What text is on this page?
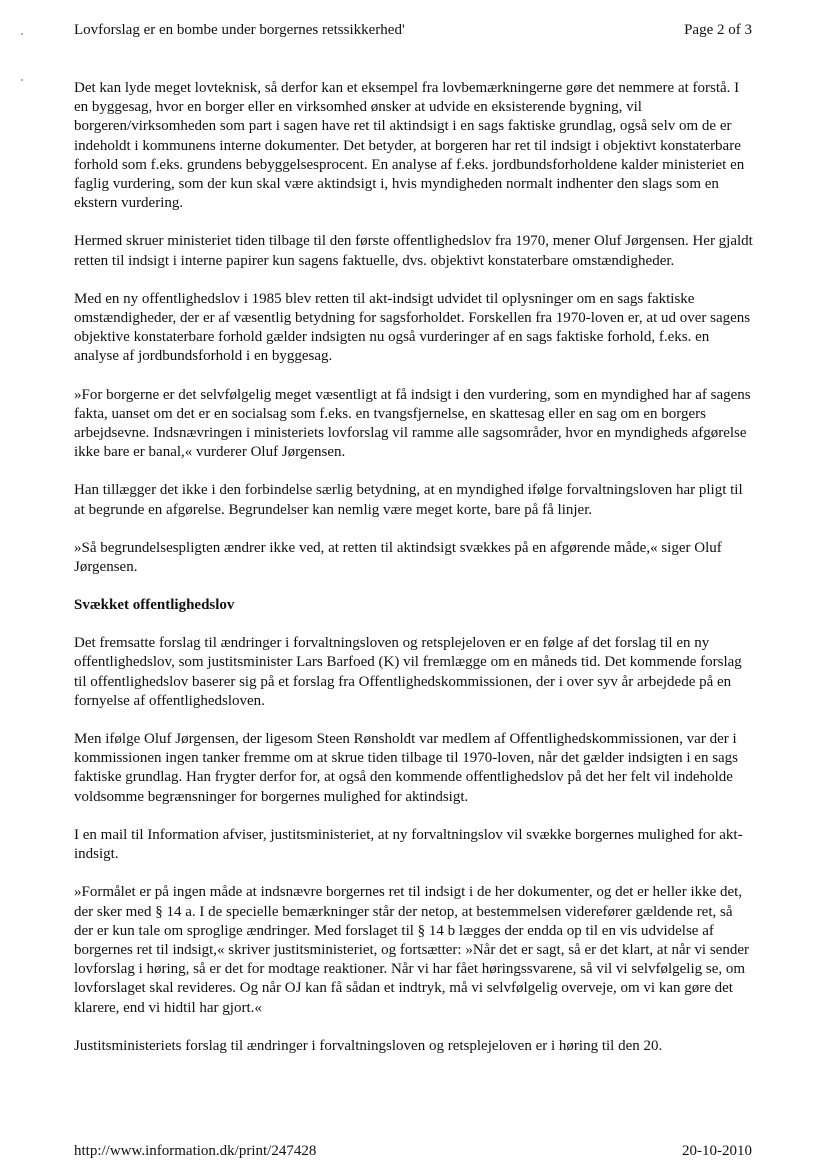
Lovforslag er en bombe under borgernes retssikkerhed'	Page 2 of 3

Det kan lyde meget lovteknisk, så derfor kan et eksempel fra lovbemærkningerne gøre det nemmere at forstå. I en byggesag, hvor en borger eller en virksomhed ønsker at udvide en eksisterende bygning, vil borgeren/virksomheden som part i sagen have ret til aktindsigt i en sags faktiske grundlag, også selv om de er indeholdt i kommunens interne dokumenter. Det betyder, at borgeren har ret til indsigt i objektivt konstaterbare forhold som f.eks. grundens bebyggelsesprocent. En analyse af f.eks. jordbundsforholdene kalder ministeriet en faglig vurdering, som der kun skal være aktindsigt i, hvis myndigheden normalt indhenter den slags som en ekstern vurdering.

Hermed skruer ministeriet tiden tilbage til den første offentlighedslov fra 1970, mener Oluf Jørgensen. Her gjaldt retten til indsigt i interne papirer kun sagens faktuelle, dvs. objektivt konstaterbare omstændigheder.

Med en ny offentlighedslov i 1985 blev retten til akt-indsigt udvidet til oplysninger om en sags faktiske omstændigheder, der er af væsentlig betydning for sagsforholdet. Forskellen fra 1970-loven er, at ud over sagens objektive konstaterbare forhold gælder indsigten nu også vurderinger af en sags faktiske forhold, f.eks. en analyse af jordbundsforhold i en byggesag.

»For borgerne er det selvfølgelig meget væsentligt at få indsigt i den vurdering, som en myndighed har af sagens fakta, uanset om det er en socialsag som f.eks. en tvangsfjernelse, en skattesag eller en sag om en borgers arbejdsevne. Indsnævringen i ministeriets lovforslag vil ramme alle sagsområder, hvor en myndigheds afgørelse ikke bare er banal,« vurderer Oluf Jørgensen.

Han tillægger det ikke i den forbindelse særlig betydning, at en myndighed ifølge forvaltningsloven har pligt til at begrunde en afgørelse. Begrundelser kan nemlig være meget korte, bare på få linjer.

»Så begrundelsespligten ændrer ikke ved, at retten til aktindsigt svækkes på en afgørende måde,« siger Oluf Jørgensen.

Svækket offentlighedslov

Det fremsatte forslag til ændringer i forvaltningsloven og retsplejeloven er en følge af det forslag til en ny offentlighedslov, som justitsminister Lars Barfoed (K) vil fremlægge om en måneds tid. Det kommende forslag til offentlighedslov baserer sig på et forslag fra Offentlighedskommissionen, der i over syv år arbejdede på en fornyelse af offentlighedsloven.

Men ifølge Oluf Jørgensen, der ligesom Steen Rønsholdt var medlem af Offentlighedskommissionen, var der i kommissionen ingen tanker fremme om at skrue tiden tilbage til 1970-loven, når det gælder indsigten i en sags faktiske grundlag. Han frygter derfor for, at også den kommende offentlighedslov på det her felt vil indeholde voldsomme begrænsninger for borgernes mulighed for aktindsigt.

I en mail til Information afviser, justitsministeriet, at ny forvaltningslov vil svække borgernes mulighed for akt-indsigt.

»Formålet er på ingen måde at indsnævre borgernes ret til indsigt i de her dokumenter, og det er heller ikke det, der sker med § 14 a. I de specielle bemærkninger står der netop, at bestemmelsen viderefører gældende ret, så der er kun tale om sproglige ændringer. Med forslaget til § 14 b lægges der endda op til en vis udvidelse af borgernes ret til indsigt,« skriver justitsministeriet, og fortsætter: »Når det er sagt, så er det klart, at når vi sender lovforslag i høring, så er det for modtage reaktioner. Når vi har fået høringssvarene, så vil vi selvfølgelig se, om lovforslaget skal revideres. Og når OJ kan få sådan et indtryk, må vi selvfølgelig overveje, om vi kan gøre det klarere, end vi hidtil har gjort.«

Justitsministeriets forslag til ændringer i forvaltningsloven og retsplejeloven er i høring til den 20.

http://www.information.dk/print/247428	20-10-2010
